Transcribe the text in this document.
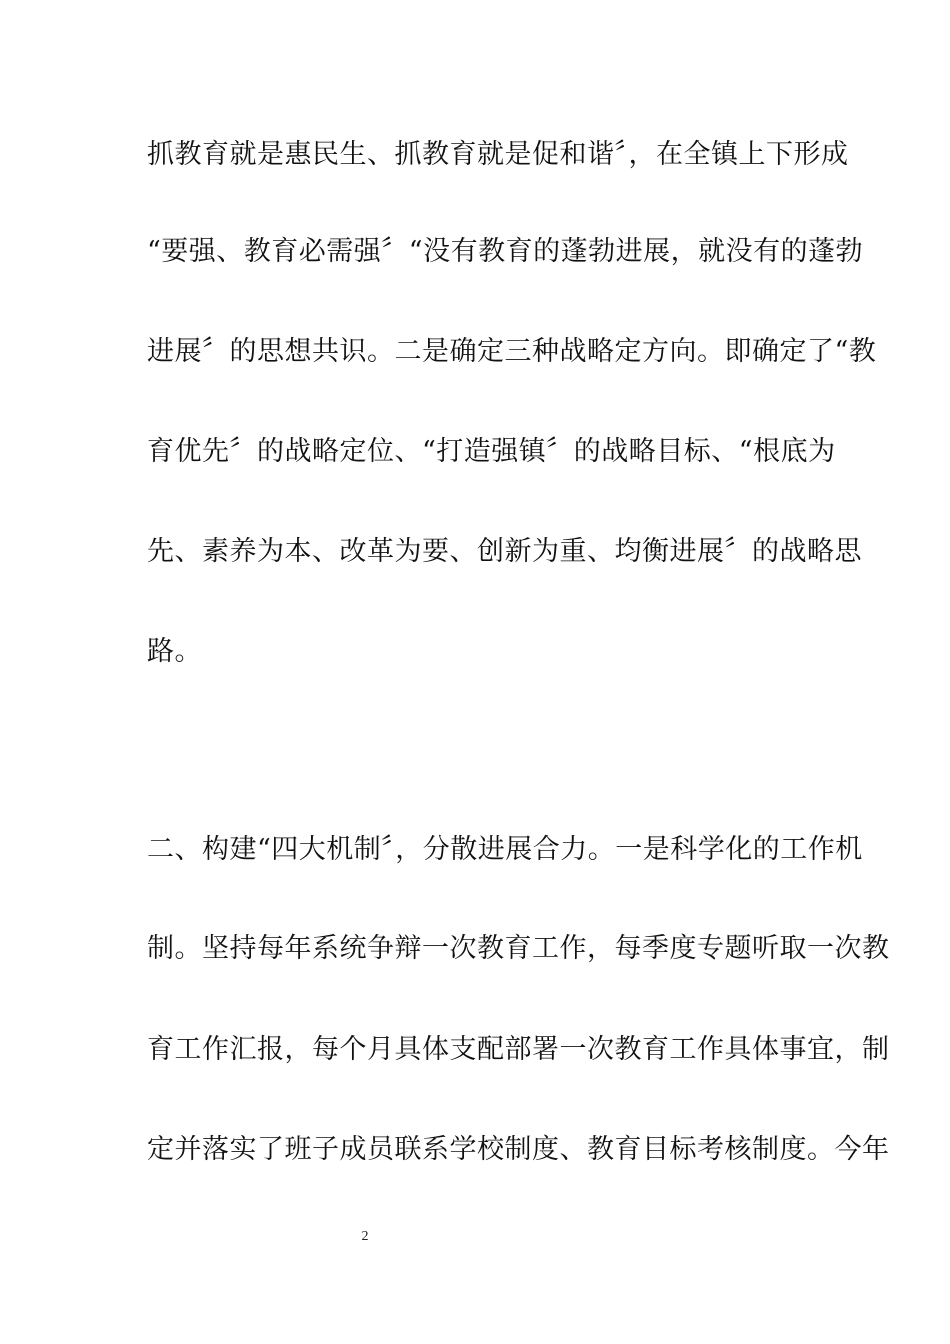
抓教育就是惠民生、抓教育就是促和谐〞，在全镇上下形成
“要强、教育必需强〞“没有教育的蓬勃进展，就没有的蓬勃
进展〞的思想共识。二是确定三种战略定方向。即确定了“教
育优先〞的战略定位、“打造强镇〞的战略目标、“根底为
先、素养为本、改革为要、创新为重、均衡进展〞的战略思
路。
二、构建“四大机制〞，分散进展合力。一是科学化的工作机
制。坚持每年系统争辩一次教育工作，每季度专题听取一次教
育工作汇报，每个月具体支配部署一次教育工作具体事宜，制
定并落实了班子成员联系学校制度、教育目标考核制度。今年
2
